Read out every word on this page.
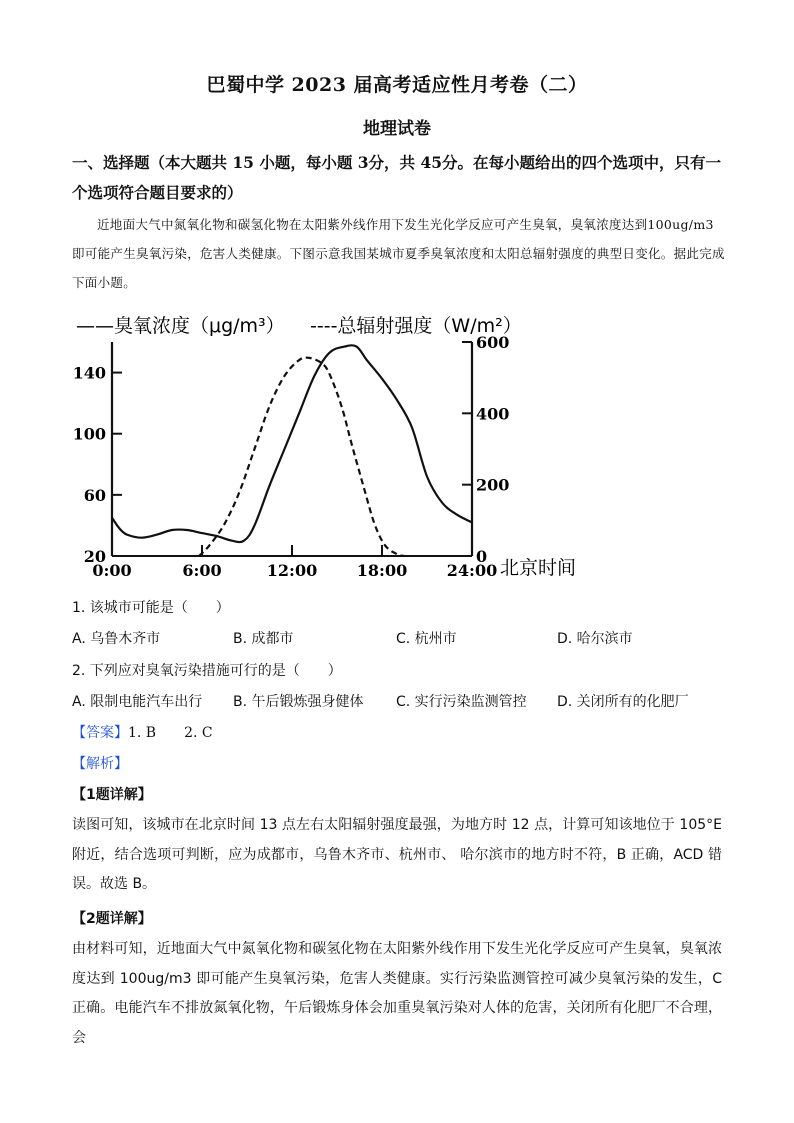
巴蜀中学 2023 届高考适应性月考卷（二）
地理试卷
一、选择题（本大题共 15 小题，每小题 3分，共 45分。在每小题给出的四个选项中，只有一个选项符合题目要求的）
近地面大气中氮氧化物和碳氢化物在太阳紫外线作用下发生光化学反应可产生臭氧，臭氧浓度达到100ug/m3 即可能产生臭氧污染，危害人类健康。下图示意我国某城市夏季臭氧浓度和太阳总辐射强度的典型日变化。据此完成下面小题。
——臭氧浓度（μg/m³） ----总辐射强度（W/m²）
0:00	6:00	12:00 18:00 24:00
20
60
100
140
0
200
400
600
北京时间
1. 该城市可能是（　　）
A. 乌鲁木齐市	B. 成都市	C. 杭州市	D. 哈尔滨市
2. 下列应对臭氧污染措施可行的是（　　）
A. 限制电能汽车出行 B. 午后锻炼强身健体 C. 实行污染监测管控 D. 关闭所有的化肥厂
【答案】1. B　　2. C
【解析】
【1题详解】
读图可知，该城市在北京时间 13 点左右太阳辐射强度最强，为地方时 12 点，计算可知该地位于 105°E 附近，结合选项可判断，应为成都市，乌鲁木齐市、杭州市、 哈尔滨市的地方时不符，B 正确，ACD 错误。故选 B。
【2题详解】
由材料可知，近地面大气中氮氧化物和碳氢化物在太阳紫外线作用下发生光化学反应可产生臭氧，臭氧浓度达到 100ug/m3 即可能产生臭氧污染，危害人类健康。实行污染监测管控可减少臭氧污染的发生，C 正确。电能汽车不排放氮氧化物，午后锻炼身体会加重臭氧污染对人体的危害，关闭所有化肥厂不合理，会
